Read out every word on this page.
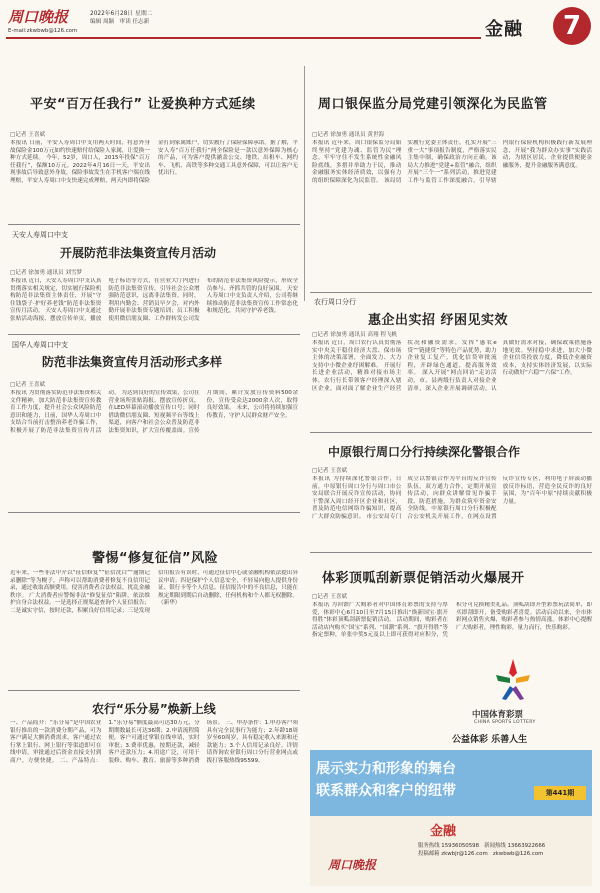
周口晚报	2022年6月28日 星期二
编辑 周颖 审读 任志新
E-mail:zkwbwb@126.com	金融	7
平安“百万任我行” 让爱换种方式延续
□记者 王喜斌
本报讯 日前，平安人寿周口中支用两天时间，将意外身故保险金100万元如约快速赔付给保险人家属，让爱换一种方式延续。 今年，52岁，周口人，2015年投保“百万任我行”，保额10万元。2022年4月16日一天，平安出现事故后导致意外身故，保险事故发生在手机客户端在线理赔，平安人寿周口中支快速完成理赔，两天内即将保险金打到家属账户，切实履行了保险保障承诺。据了解，平安人寿“百万任我行”两全保险是一款以意外保障为核心的产品，可为客户提供涵盖公交、地铁、出租车、网约车、飞机、高铁等多种交通工具意外保障，可以让客户无忧出行。
周口银保监分局党建引领深化为民监管
□记者 徐加勇 通讯员 黄世海
本报讯 近年来，周口银保监分局始终坚持“党建为魂、监管为民”理念，牢牢守住不发生系统性金融风险底线，多措并举助力于民，推动金融服务实体经济质效，以强有力的组织保障深化为民监管。 该局切实履行党委主体责任，扎实开展“三重一大”事项报告制度，严格落实民主集中制，确保政治方向正确。该局大力推进“党建+监管”融合，组织开展“三个一”系列活动，推进党建工作与监管工作深度融合，引导辖内银行保险机构积极践行新发展理念，开展“我为群众办实事”实践活动，为辖区居民、企业提供便捷金融服务，提升金融服务满意度。
天安人寿周口中支
开展防范非法集资宣传月活动
□记者 徐加勇 通讯员 刘雪梦
本报讯 近日，天安人寿周口中支认真贯彻落实相关规定，切实履行保险机构防范非法集资主体责任，开展“守住钱袋子·护好养老钱”防范非法集资宣传月活动。 天安人寿周口中支通过张贴活动海报、摆放宣传单页，播放电子标语等方式，在营业大厅内进行防范非法集资宣传，引导社会公众增强防范意识，远离非法集资。同时，利用内勤会、营销员早夕会，对内外勤开展非法集资专题培训；员工积极使用微信朋友圈、工作群转发公司发布的防范非法集资风险提示，形成全员参与、齐抓共管的良好氛围。 天安人寿周口中支负责人介绍，公司将继续推动防范非法集资宣传工作常态化和规范化，共同守护养老钱。
农行周口分行
惠企出实招 纾困见实效
□记者 徐加勇 通讯员 高翔 程飞帆
本报讯 近日，周口农行认真贯彻落实中央关于稳住经济大盘、保市场主体的决策部署，全面发力、大力支持中小微企业纾困解难。 开展行长进企业活动，精准对接市场主体，农行行长带领客户经理深入辖区企业，面对面了解企业生产经营状况和融资需求，发挥“惠农e贷”“链捷贷”等特色产品优势，助力企业复工复产。优化信贷审批流程，开辟绿色通道，提高服务效率。 深入开展“网点回访”走访活动，市、县两级行负责人对接企业清单，深入企业开展调研活动，认真做好需求对接，确保政策措施落地见效。坚持稳中求进，加大小微企业信贷投放力度，降低企业融资成本，支持实体经济发展，以实际行动做好“六稳”“六保”工作。
国华人寿周口中支
防范非法集资宣传月活动形式多样
□记者 王喜斌
本报讯 为贯彻落实防范非法集资相关文件精神，加大防范非法集资宣传教育工作力度，提升社会公众风险防范意识和能力，日前，国华人寿周口中支结合当前打击整治养老诈骗工作，积极开展了防范非法集资宣传月活动。 为达到良好的宣传效果，公司在营业场所张贴海报、摆放宣传折页，在LED屏幕滚动播放宣传口号；同时借助微信朋友圈、短视频平台等线上渠道，向客户和社会公众普及防范非法集资知识，扩大宣传覆盖面。宣传月期间，累计发放宣传资料500余份，宣传受众达2000余人次，取得良好效果。 未来，公司将持续加强宣传教育，守护人民群众财产安全。
中原银行周口分行持续深化警银合作
□记者 王喜斌
本报讯 为持续深化警银合作，日前，中原银行周口分行与周口市公安局联合开展反诈宣传活动，协同干警深入周口经开区企业和社区，普及防范电信网络诈骗知识，提高广大群众防骗意识。 市公安局专门成立以警银合作为平台的反诈宣传队伍，双方通力合作，定期开展宣传活动，向群众讲解常见诈骗手段、防范措施，为群众筑牢资金安全防线。中原银行周口分行积极配合公安机关开展工作，在网点设置反诈宣传专区，利用电子屏滚动播放反诈标语，营造全民反诈的良好氛围，为“百年中原”持续贡献积极力量。
警惕“修复征信”风险
近年来，一些非法中介以“征信修复”“征信洗白”“逾期记录删除”等为幌子，声称可以帮助消费者修复不良信用记录，通过收取高额费用，侵害消费者合法权益，扰乱金融秩序。 广大消费者应警惕非法“修复征信”陷阱，依法维护自身合法权益。一是选择正规渠道查询个人征信报告；二是诚实守信，按时还款，积累良好信用记录；三是发现信用报告有误时，可通过征信中心或金融机构依法提出异议申请；四是保护个人信息安全，不轻易向他人提供身份证、银行卡等个人信息。征信报告中的不良信息，只能在规定期限到期后自动删除，任何机构和个人都无权删除。（新华）
体彩顶呱刮新票促销活动火爆展开
□记者 王喜斌
本报讯 为回馈广大购彩者对中国体育彩票的支持与厚爱，体彩中心6月10日至7月15日推出“焕新国宝·旗开得胜”体彩顶呱刮新票促销活动。 活动期间，购彩者在活动店内购买“国宝”系列、“国潮”系列、“旗开得胜”等指定票种，单张中奖5元及以上即可获得对应积分，凭积分可兑换精美礼品。顶呱刮即开型彩票玩法简单，即买即刮即开，备受购彩者喜爱。活动启动以来，全市体彩网点销售火爆，购彩者参与热情高涨。体彩中心提醒广大购彩者，理性购彩，量力而行，快乐购彩。
中国体育彩票
CHINA SPORTS LOTTERY
公益体彩 乐善人生
农行“乐分易”焕新上线
一、产品简介：“乐分易”是中国农业银行推出的一款消费分期产品，可为客户满足大额消费需求，客户通过农行掌上银行、网上银行等渠道即可在线申请，审批通过后资金直接支付到商户，方便快捷。 二、产品特点：1.“乐分易”额度最高可达30万元，分期期数最长可达36期；2.申请流程简便，客户可通过掌银在线申请，实时审批；3.费率优惠，按期还款，减轻客户还款压力；4.用途广泛，可用于装修、购车、教育、旅游等多种消费场景。 三、申办条件：1.申办客户须具有完全民事行为能力；2.年龄18周岁至60周岁，具有稳定收入来源和还款能力；3.个人信用记录良好。详情请咨询农业银行周口分行营业网点或拨打客服热线95599。
展示实力和形象的舞台
联系群众和客户的纽带	第441期
金融
周口晚报
服务热线 15936050598 新闻热线 13663922666
投稿邮箱 zkwbjr@126.com zkwbwb@126.com
